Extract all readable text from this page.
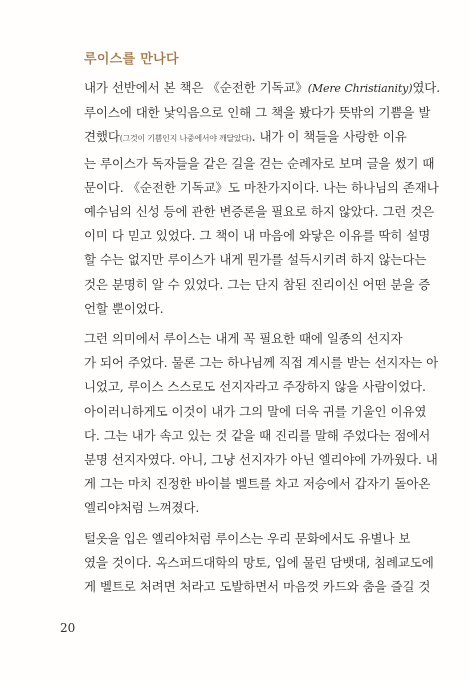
루이스를 만나다

내가 선반에서 본 책은 《순전한 기독교》(Mere Christianity)였다.
루이스에 대한 낯익음으로 인해 그 책을 봤다가 뜻밖의 기쁨을 발
견했다(그것이 기쁨인지 나중에서야 깨달았다). 내가 이 책들을 사랑한 이유
는 루이스가 독자들을 같은 길을 걷는 순례자로 보며 글을 썼기 때
문이다. 《순전한 기독교》도 마찬가지이다. 나는 하나님의 존재나
예수님의 신성 등에 관한 변증론을 필요로 하지 않았다. 그런 것은
이미 다 믿고 있었다. 그 책이 내 마음에 와닿은 이유를 딱히 설명
할 수는 없지만 루이스가 내게 뭔가를 설득시키려 하지 않는다는
것은 분명히 알 수 있었다. 그는 단지 참된 진리이신 어떤 분을 증
언할 뿐이었다.

그런 의미에서 루이스는 내게 꼭 필요한 때에 일종의 선지자
가 되어 주었다. 물론 그는 하나님께 직접 계시를 받는 선지자는 아
니었고, 루이스 스스로도 선지자라고 주장하지 않을 사람이었다.
아이러니하게도 이것이 내가 그의 말에 더욱 귀를 기울인 이유였
다. 그는 내가 속고 있는 것 같을 때 진리를 말해 주었다는 점에서
분명 선지자였다. 아니, 그냥 선지자가 아닌 엘리야에 가까웠다. 내
게 그는 마치 진정한 바이블 벨트를 차고 저승에서 갑자기 돌아온
엘리야처럼 느껴졌다.

털옷을 입은 엘리야처럼 루이스는 우리 문화에서도 유별나 보
였을 것이다. 옥스퍼드대학의 망토, 입에 물린 담뱃대, 침례교도에
게 벨트로 처려면 처라고 도발하면서 마음껏 카드와 춤을 즐길 것

20
